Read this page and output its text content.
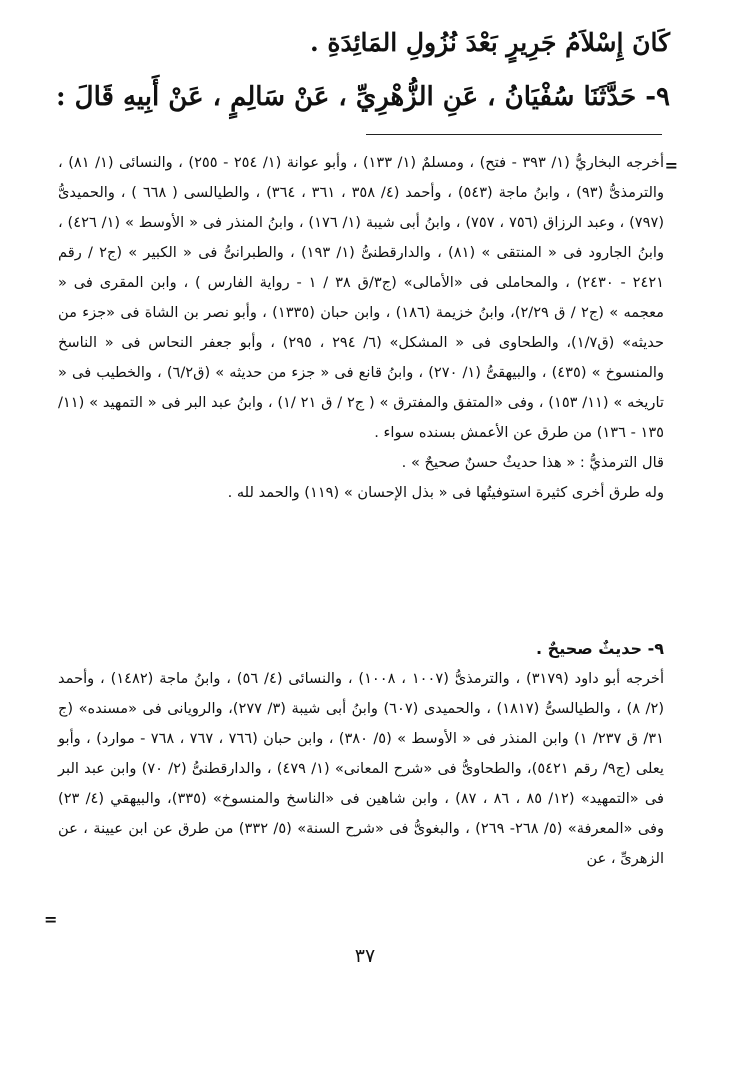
كَانَ إِسْلاَمُ جَرِيرٍ بَعْدَ نُزُولِ المَائِدَةِ .
٩- حَدَّثَنَا سُفْيَانُ ، عَنِ الزُّهْرِيِّ ، عَنْ سَالِمٍ ، عَنْ أَبِيهِ قَالَ :
=

أخرجه البخاريُّ (١/ ٣٩٣ - فتح) ، ومسلمٌ (١/ ١٣٣) ، وأبو عوانة (١/ ٢٥٤ - ٢٥٥) ، والنسائى (١/ ٨١) ، والترمذىُّ (٩٣) ، وابنُ ماجة (٥٤٣) ، وأحمد (٤/ ٣٥٨ ، ٣٦١ ، ٣٦٤) ، والطيالسى ( ٦٦٨ ) ، والحميدىُّ (٧٩٧) ، وعبد الرزاق (٧٥٦ ، ٧٥٧) ، وابنُ أبى شيبة (١/ ١٧٦) ، وابنُ المنذر فى « الأوسط » (١/ ٤٢٦) ، وابنُ الجارود فى « المنتقى » (٨١) ، والدارقطنىُّ (١/ ١٩٣) ، والطبرانىُّ فى « الكبير » (ج٢ / رقم ٢٤٢١ - ٢٤٣٠) ، والمحاملى فى «الأمالى» (ج٣/ق ٣٨ / ١ - رواية الفارس ) ، وابن المقرى فى « معجمه » (ج٢ / ق ٢/٢٩)، وابنُ خزيمة (١٨٦) ، وابن حبان (١٣٣٥) ، وأبو نصر بن الشاة فى «جزء من حديثه» (ق١/٧)، والطحاوى فى « المشكل» (٦/ ٢٩٤ ، ٢٩٥) ، وأبو جعفر النحاس فى « الناسخ والمنسوخ » (٤٣٥) ، والبيهقىُّ (١/ ٢٧٠) ، وابنُ قانع فى « جزء من حديثه » (ق٦/٢) ، والخطيب فى « تاريخه » (١١/ ١٥٣) ، وفى «المتفق والمفترق » ( ج٢ / ق ٢١ /١) ، وابنُ عبد البر فى « التمهيد » (١١/ ١٣٥ - ١٣٦) من طرق عن الأعمش بسنده سواء .

قال الترمذيُّ : « هذا حديثٌ حسنٌ صحيحٌ » .

وله طرق أخرى كثيرة استوفيتُها فى « بذل الإحسان » (١١٩) والحمد لله .

٩- حديثٌ صحيحٌ .

أخرجه أبو داود (٣١٧٩) ، والترمذىُّ (١٠٠٧ ، ١٠٠٨) ، والنسائى (٤/ ٥٦) ، وابنُ ماجة (١٤٨٢) ، وأحمد (٢/ ٨) ، والطيالسىُّ (١٨١٧) ، والحميدى (٦٠٧) وابنُ أبى شيبة (٣/ ٢٧٧)، والرويانى فى «مسنده» (ج ٣١/ ق ٢٣٧/ ١) وابن المنذر فى « الأوسط » (٥/ ٣٨٠) ، وابن حبان (٧٦٦ ، ٧٦٧ ، ٧٦٨ - موارد) ، وأبو يعلى (ج٩/ رقم ٥٤٢١)، والطحاوىُّ فى «شرح المعانى» (١/ ٤٧٩) ، والدارقطنىُّ (٢/ ٧٠) وابن عبد البر فى «التمهيد» (١٢/ ٨٥ ، ٨٦ ، ٨٧) ، وابن شاهين فى «الناسخ والمنسوخ» (٣٣٥)، والبيهقي (٤/ ٢٣) وفى «المعرفة» (٥/ ٢٦٨- ٢٦٩) ، والبغوىُّ فى «شرح السنة» (٥/ ٣٣٢) من طرق عن ابن عيينة ، عن الزهرىِّ ، عن

=
٣٧
